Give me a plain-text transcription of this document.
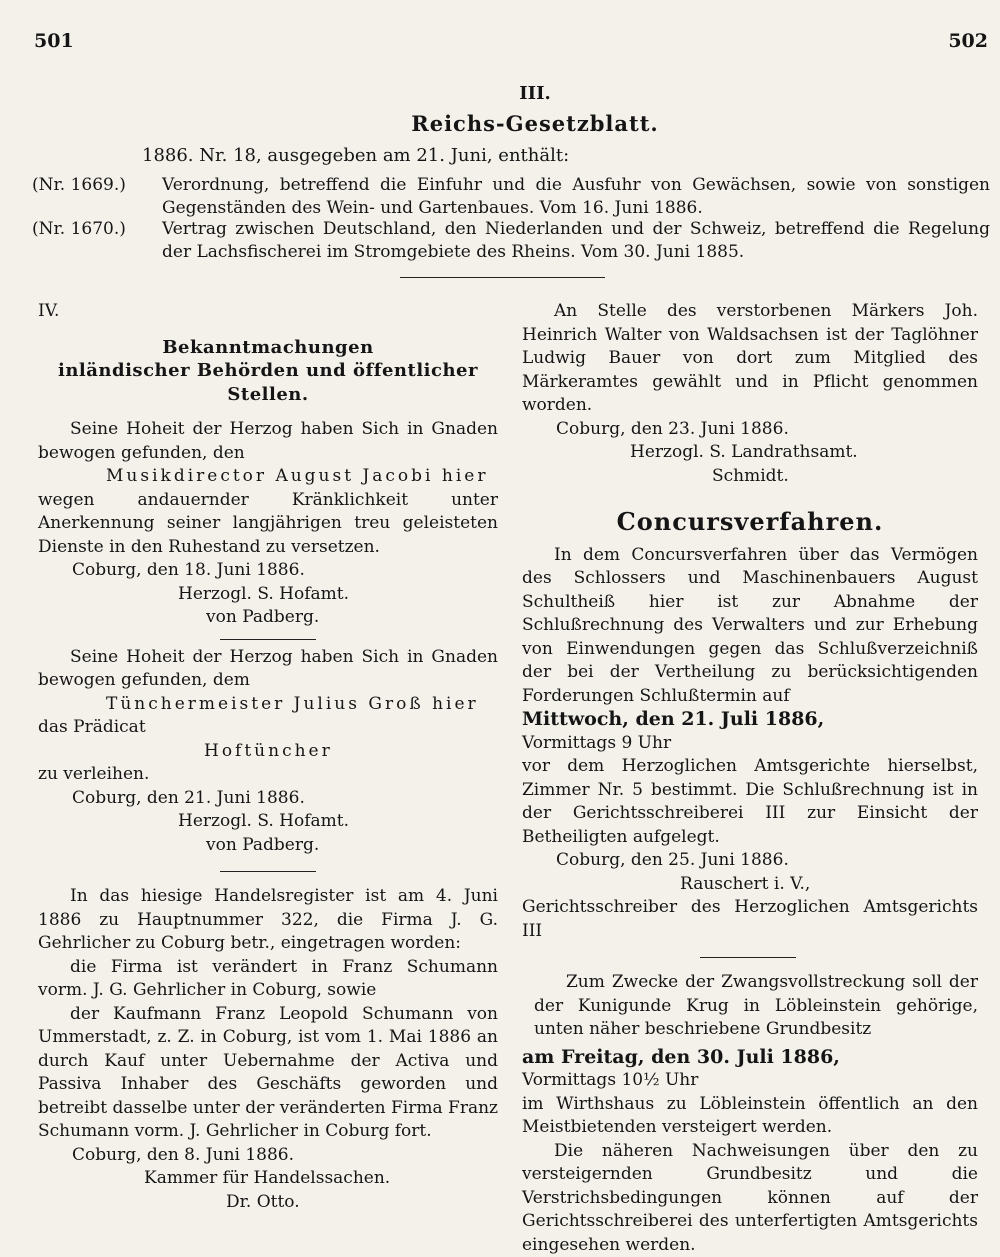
501	502
III.
Reichs-Gesetzblatt.
1886. Nr. 18, ausgegeben am 21. Juni, enthält:
(Nr. 1669.)	Verordnung, betreffend die Einfuhr und die Ausfuhr von Gewächsen, sowie von sonstigen Gegenständen des Wein- und Gartenbaues. Vom 16. Juni 1886.
(Nr. 1670.)	Vertrag zwischen Deutschland, den Niederlanden und der Schweiz, betreffend die Regelung der Lachsfischerei im Stromgebiete des Rheins. Vom 30. Juni 1885.

IV.

Bekanntmachungen

inländischer Behörden und öffentlicher Stellen.

Seine Hoheit der Herzog haben Sich in Gnaden bewogen gefunden, den

Musikdirector August Jacobi hier

wegen andauernder Kränklichkeit unter Anerkennung seiner langjährigen treu geleisteten Dienste in den Ruhestand zu versetzen.

Coburg, den 18. Juni 1886.

Herzogl. S. Hofamt.

von Padberg.

Seine Hoheit der Herzog haben Sich in Gnaden bewogen gefunden, dem

Tünchermeister Julius Groß hier

das Prädicat

Hoftüncher

zu verleihen.

Coburg, den 21. Juni 1886.

Herzogl. S. Hofamt.

von Padberg.

In das hiesige Handelsregister ist am 4. Juni 1886 zu Hauptnummer 322, die Firma J. G. Gehrlicher zu Coburg betr., eingetragen worden:

die Firma ist verändert in Franz Schumann vorm. J. G. Gehrlicher in Coburg, sowie

der Kaufmann Franz Leopold Schumann von Ummerstadt, z. Z. in Coburg, ist vom 1. Mai 1886 an durch Kauf unter Uebernahme der Activa und Passiva Inhaber des Geschäfts geworden und betreibt dasselbe unter der veränderten Firma Franz Schumann vorm. J. Gehrlicher in Coburg fort.

Coburg, den 8. Juni 1886.

Kammer für Handelssachen.

Dr. Otto.

An Stelle des verstorbenen Märkers Joh. Heinrich Walter von Waldsachsen ist der Taglöhner Ludwig Bauer von dort zum Mitglied des Märkeramtes gewählt und in Pflicht genommen worden.

Coburg, den 23. Juni 1886.

Herzogl. S. Landrathsamt.

Schmidt.

Concursverfahren.

In dem Concursverfahren über das Vermögen des Schlossers und Maschinenbauers August Schultheiß hier ist zur Abnahme der Schlußrechnung des Verwalters und zur Erhebung von Einwendungen gegen das Schlußverzeichniß der bei der Vertheilung zu berücksichtigenden Forderungen Schlußtermin auf

Mittwoch, den 21. Juli 1886,

Vormittags 9 Uhr

vor dem Herzoglichen Amtsgerichte hierselbst, Zimmer Nr. 5 bestimmt. Die Schlußrechnung ist in der Gerichtsschreiberei III zur Einsicht der Betheiligten aufgelegt.

Coburg, den 25. Juni 1886.

Rauschert i. V.,

Gerichtsschreiber des Herzoglichen Amtsgerichts III

Zum Zwecke der Zwangsvollstreckung soll der der Kunigunde Krug in Löbleinstein gehörige, unten näher beschriebene Grundbesitz

am Freitag, den 30. Juli 1886,

Vormittags 10½ Uhr

im Wirthshaus zu Löbleinstein öffentlich an den Meistbietenden versteigert werden.

Die näheren Nachweisungen über den zu versteigernden Grundbesitz und die Verstrichsbedingungen können auf der Gerichtsschreiberei des unterfertigten Amtsgerichts eingesehen werden.
